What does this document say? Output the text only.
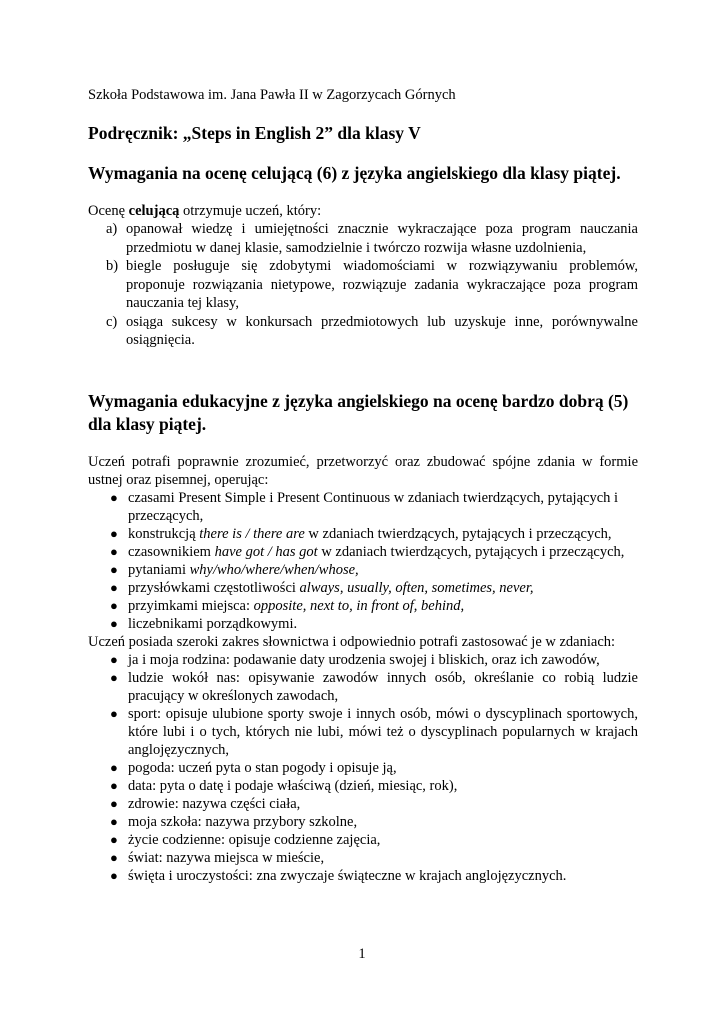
Szkoła Podstawowa im. Jana Pawła II w Zagorzycach Górnych

Podręcznik: „Steps in English 2” dla klasy V
Wymagania na ocenę celującą (6) z języka angielskiego dla klasy piątej.

Ocenę celującą otrzymuje uczeń, który:

a) opanował wiedzę i umiejętności znacznie wykraczające poza program nauczania przedmiotu w danej klasie, samodzielnie i twórczo rozwija własne uzdolnienia,
b) biegle posługuje się zdobytymi wiadomościami w rozwiązywaniu problemów, proponuje rozwiązania nietypowe, rozwiązuje zadania wykraczające poza program nauczania tej klasy,
c) osiąga sukcesy w konkursach przedmiotowych lub uzyskuje inne, porównywalne osiągnięcia.
Wymagania edukacyjne z języka angielskiego na ocenę bardzo dobrą (5) dla klasy piątej.

Uczeń potrafi poprawnie zrozumieć, przetworzyć oraz zbudować spójne zdania w formie ustnej oraz pisemnej, operując:

● czasami Present Simple i Present Continuous w zdaniach twierdzących, pytających i przeczących,
● konstrukcją there is / there are w zdaniach twierdzących, pytających i przeczących,
● czasownikiem have got / has got w zdaniach twierdzących, pytających i przeczących,
● pytaniami why/who/where/when/whose,
● przysłówkami częstotliwości always, usually, often, sometimes, never,
● przyimkami miejsca: opposite, next to, in front of, behind,
● liczebnikami porządkowymi.

Uczeń posiada szeroki zakres słownictwa i odpowiednio potrafi zastosować je w zdaniach:

● ja i moja rodzina: podawanie daty urodzenia swojej i bliskich, oraz ich zawodów,
● ludzie wokół nas: opisywanie zawodów innych osób, określanie co robią ludzie pracujący w określonych zawodach,
● sport: opisuje ulubione sporty swoje i innych osób, mówi o dyscyplinach sportowych, które lubi i o tych, których nie lubi, mówi też o dyscyplinach popularnych w krajach anglojęzycznych,
● pogoda: uczeń pyta o stan pogody i opisuje ją,
● data: pyta o datę i podaje właściwą (dzień, miesiąc, rok),
● zdrowie: nazywa części ciała,
● moja szkoła: nazywa przybory szkolne,
● życie codzienne: opisuje codzienne zajęcia,
● świat: nazywa miejsca w mieście,
● święta i uroczystości: zna zwyczaje świąteczne w krajach anglojęzycznych.
1
